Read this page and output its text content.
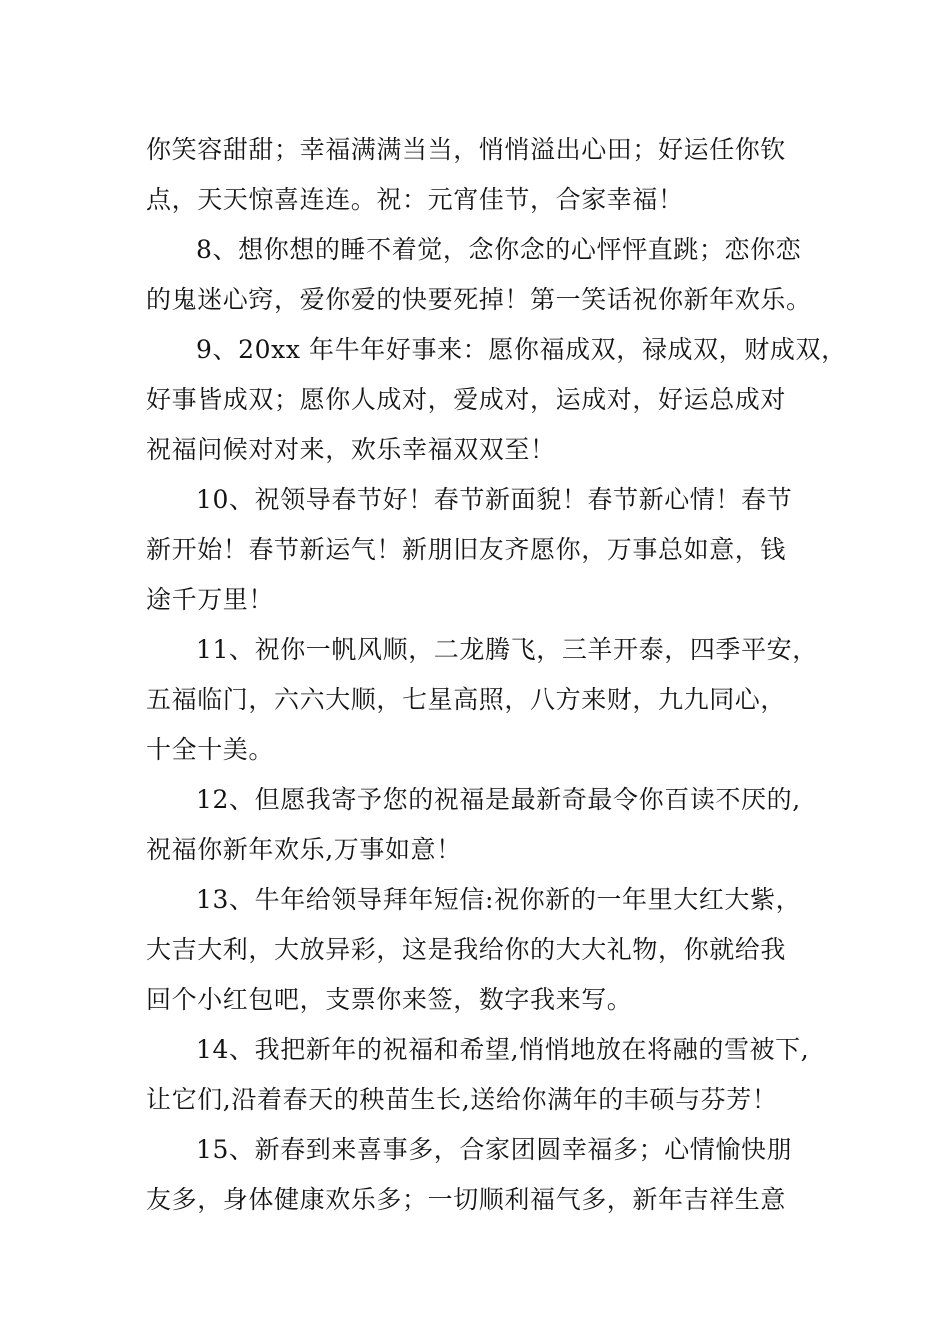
你笑容甜甜；幸福满满当当，悄悄溢出心田；好运任你钦
点，天天惊喜连连。祝：元宵佳节，合家幸福！
8、想你想的睡不着觉，念你念的心怦怦直跳；恋你恋
的鬼迷心窍，爱你爱的快要死掉！第一笑话祝你新年欢乐。
9、20xx 年牛年好事来：愿你福成双，禄成双，财成双，
好事皆成双；愿你人成对，爱成对，运成对，好运总成对
祝福问候对对来，欢乐幸福双双至！
10、祝领导春节好！春节新面貌！春节新心情！春节
新开始！春节新运气！新朋旧友齐愿你，万事总如意，钱
途千万里！
11、祝你一帆风顺，二龙腾飞，三羊开泰，四季平安，
五福临门，六六大顺，七星高照，八方来财，九九同心，
十全十美。
12、但愿我寄予您的祝福是最新奇最令你百读不厌的,
祝福你新年欢乐,万事如意！
13、牛年给领导拜年短信:祝你新的一年里大红大紫，
大吉大利，大放异彩，这是我给你的大大礼物，你就给我
回个小红包吧，支票你来签，数字我来写。
14、我把新年的祝福和希望,悄悄地放在将融的雪被下,
让它们,沿着春天的秧苗生长,送给你满年的丰硕与芬芳！
15、新春到来喜事多，合家团圆幸福多；心情愉快朋
友多，身体健康欢乐多；一切顺利福气多，新年吉祥生意
